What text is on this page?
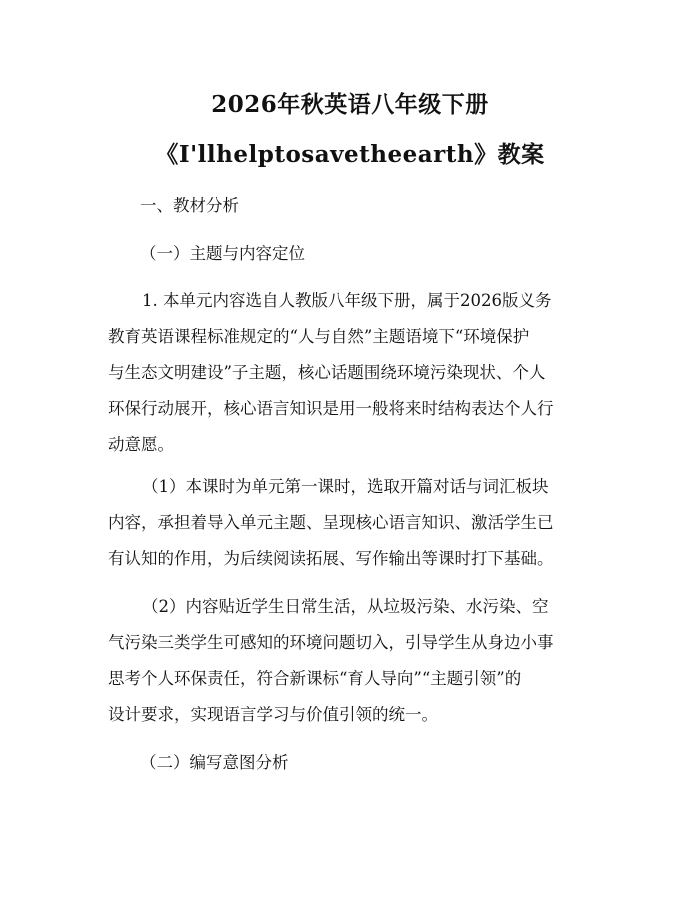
2026年秋英语八年级下册
《I'llhelptosavetheearth》教案
一、教材分析
（一）主题与内容定位
1. 本单元内容选自人教版八年级下册，属于2026版义务
教育英语课程标准规定的“人与自然”主题语境下“环境保护
与生态文明建设”子主题，核心话题围绕环境污染现状、个人
环保行动展开，核心语言知识是用一般将来时结构表达个人行
动意愿。
（1）本课时为单元第一课时，选取开篇对话与词汇板块
内容，承担着导入单元主题、呈现核心语言知识、激活学生已
有认知的作用，为后续阅读拓展、写作输出等课时打下基础。
（2）内容贴近学生日常生活，从垃圾污染、水污染、空
气污染三类学生可感知的环境问题切入，引导学生从身边小事
思考个人环保责任，符合新课标“育人导向”“主题引领”的
设计要求，实现语言学习与价值引领的统一。
（二）编写意图分析
